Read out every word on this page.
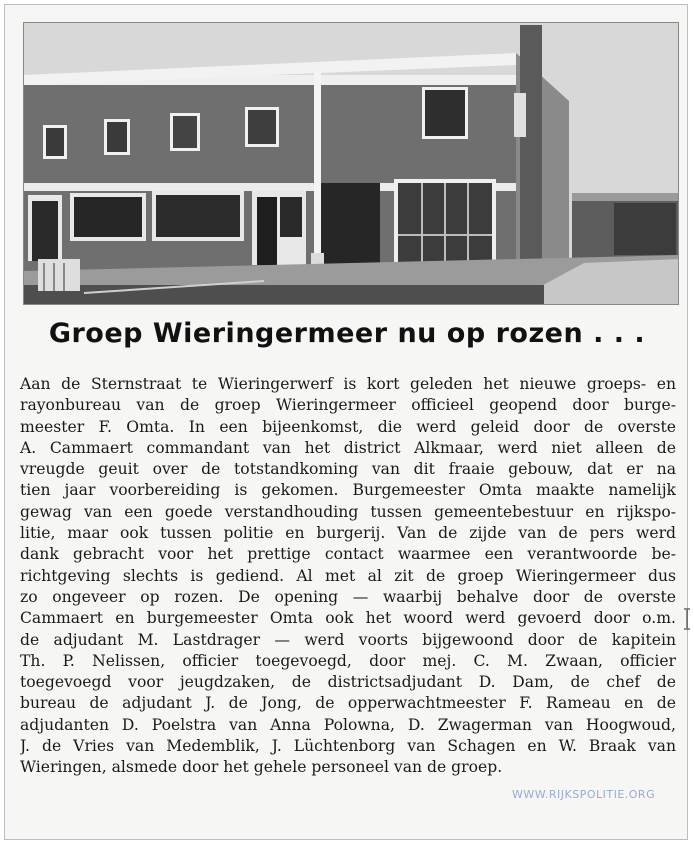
Groep Wieringermeer nu op rozen . . .
Aan de Sternstraat te Wieringerwerf is kort geleden het nieuwe groeps- en
rayonbureau van de groep Wieringermeer officieel geopend door burge-
meester F. Omta. In een bijeenkomst, die werd geleid door de overste
A. Cammaert commandant van het district Alkmaar, werd niet alleen de
vreugde geuit over de totstandkoming van dit fraaie gebouw, dat er na
tien jaar voorbereiding is gekomen. Burgemeester Omta maakte namelijk
gewag van een goede verstandhouding tussen gemeentebestuur en rijkspo-
litie, maar ook tussen politie en burgerij. Van de zijde van de pers werd
dank gebracht voor het prettige contact waarmee een verantwoorde be-
richtgeving slechts is gediend. Al met al zit de groep Wieringermeer dus
zo ongeveer op rozen. De opening — waarbij behalve door de overste
Cammaert en burgemeester Omta ook het woord werd gevoerd door o.m.
de adjudant M. Lastdrager — werd voorts bijgewoond door de kapitein
Th. P. Nelissen, officier toegevoegd, door mej. C. M. Zwaan, officier
toegevoegd voor jeugdzaken, de districtsadjudant D. Dam, de chef de
bureau de adjudant J. de Jong, de opperwachtmeester F. Rameau en de
adjudanten D. Poelstra van Anna Polowna, D. Zwagerman van Hoogwoud,
J. de Vries van Medemblik, J. Lüchtenborg van Schagen en W. Braak van
Wieringen, alsmede door het gehele personeel van de groep.
WWW.RIJKSPOLITIE.ORG
